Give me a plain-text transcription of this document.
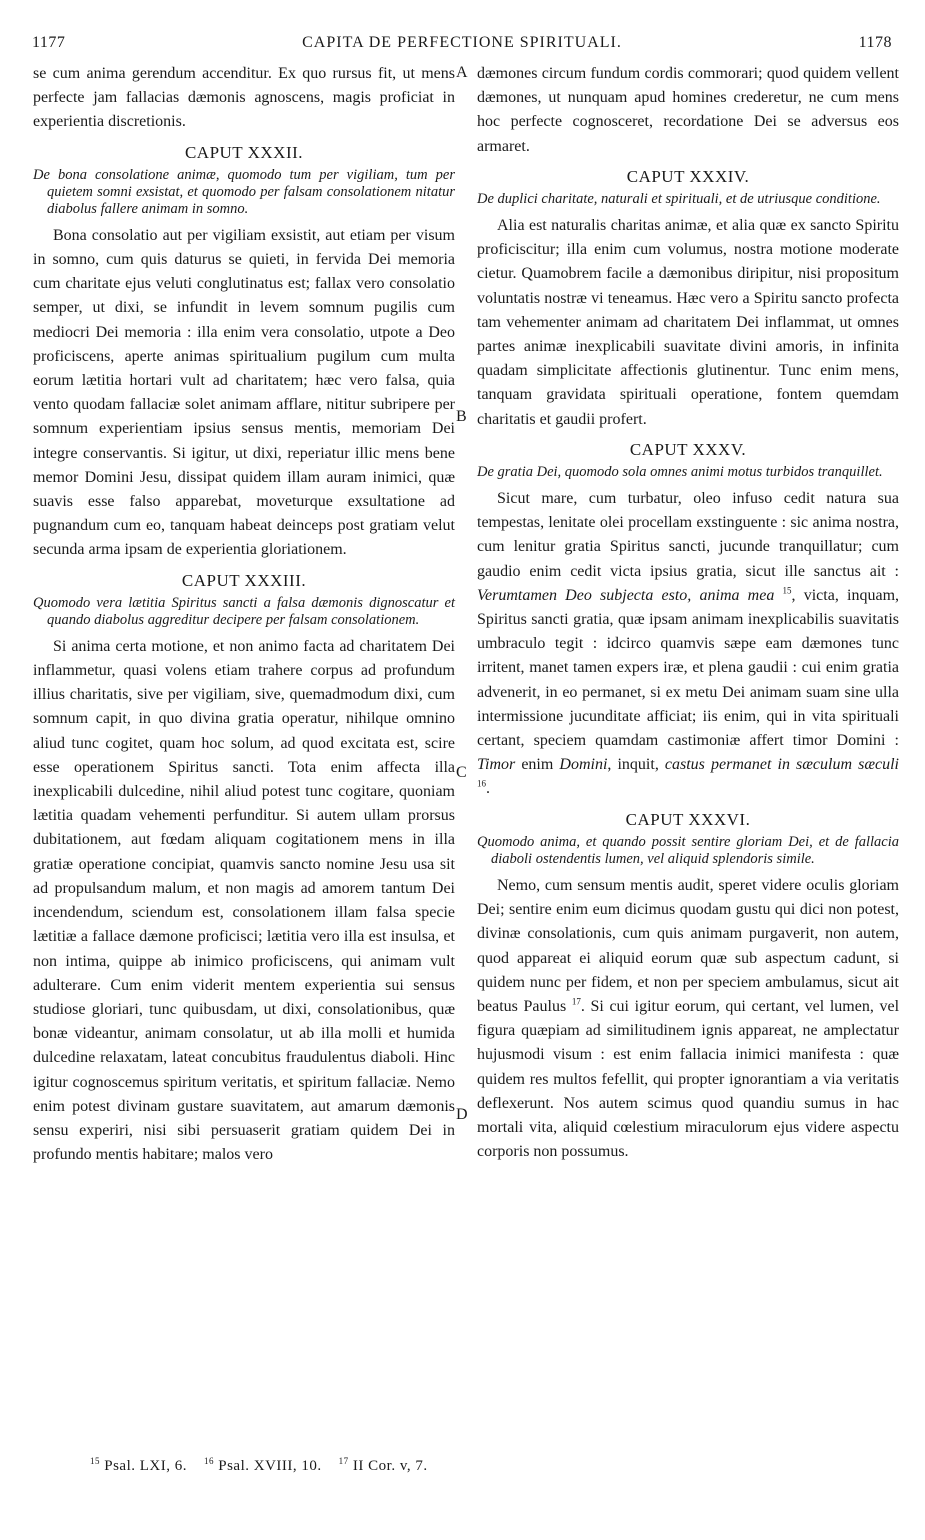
1177	CAPITA DE PERFECTIONE SPIRITUALI.	1178
A
B
C
D

se cum anima gerendum accenditur. Ex quo rursus fit, ut mens perfecte jam fallacias dæmonis agnoscens, magis proficiat in experientia discretionis.

CAPUT XXXII.
De bona consolatione animæ, quomodo tum per vigiliam, tum per quietem somni exsistat, et quomodo per falsam consolationem nitatur diabolus fallere animam in somno.

Bona consolatio aut per vigiliam exsistit, aut etiam per visum in somno, cum quis daturus se quieti, in fervida Dei memoria cum charitate ejus veluti conglutinatus est; fallax vero consolatio semper, ut dixi, se infundit in levem somnum pugilis cum mediocri Dei memoria : illa enim vera consolatio, utpote a Deo proficiscens, aperte animas spiritualium pugilum cum multa eorum lætitia hortari vult ad charitatem; hæc vero falsa, quia vento quodam fallaciæ solet animam afflare, nititur subripere per somnum experientiam ipsius sensus mentis, memoriam Dei integre conservantis. Si igitur, ut dixi, reperiatur illic mens bene memor Domini Jesu, dissipat quidem illam auram inimici, quæ suavis esse falso apparebat, moveturque exsultatione ad pugnandum cum eo, tanquam habeat deinceps post gratiam velut secunda arma ipsam de experientia gloriationem.

CAPUT XXXIII.
Quomodo vera lætitia Spiritus sancti a falsa dæmonis dignoscatur et quando diabolus aggreditur decipere per falsam consolationem.

Si anima certa motione, et non animo facta ad charitatem Dei inflammetur, quasi volens etiam trahere corpus ad profundum illius charitatis, sive per vigiliam, sive, quemadmodum dixi, cum somnum capit, in quo divina gratia operatur, nihilque omnino aliud tunc cogitet, quam hoc solum, ad quod excitata est, scire esse operationem Spiritus sancti. Tota enim affecta illa inexplicabili dulcedine, nihil aliud potest tunc cogitare, quoniam lætitia quadam vehementi perfunditur. Si autem ullam prorsus dubitationem, aut fœdam aliquam cogitationem mens in illa gratiæ operatione concipiat, quamvis sancto nomine Jesu usa sit ad propulsandum malum, et non magis ad amorem tantum Dei incendendum, sciendum est, consolationem illam falsa specie lætitiæ a fallace dæmone proficisci; lætitia vero illa est insulsa, et non intima, quippe ab inimico proficiscens, qui animam vult adulterare. Cum enim viderit mentem experientia sui sensus studiose gloriari, tunc quibusdam, ut dixi, consolationibus, quæ bonæ videantur, animam consolatur, ut ab illa molli et humida dulcedine relaxatam, lateat concubitus fraudulentus diaboli. Hinc igitur cognoscemus spiritum veritatis, et spiritum fallaciæ. Nemo enim potest divinam gustare suavitatem, aut amarum dæmonis sensu experiri, nisi sibi persuaserit gratiam quidem Dei in profundo mentis habitare; malos vero

dæmones circum fundum cordis commorari; quod quidem vellent dæmones, ut nunquam apud homines crederetur, ne cum mens hoc perfecte cognosceret, recordatione Dei se adversus eos armaret.

CAPUT XXXIV.
De duplici charitate, naturali et spirituali, et de utriusque conditione.

Alia est naturalis charitas animæ, et alia quæ ex sancto Spiritu proficiscitur; illa enim cum volumus, nostra motione moderate cietur. Quamobrem facile a dæmonibus diripitur, nisi propositum voluntatis nostræ vi teneamus. Hæc vero a Spiritu sancto profecta tam vehementer animam ad charitatem Dei inflammat, ut omnes partes animæ inexplicabili suavitate divini amoris, in infinita quadam simplicitate affectionis glutinentur. Tunc enim mens, tanquam gravidata spirituali operatione, fontem quemdam charitatis et gaudii profert.

CAPUT XXXV.
De gratia Dei, quomodo sola omnes animi motus turbidos tranquillet.

Sicut mare, cum turbatur, oleo infuso cedit natura sua tempestas, lenitate olei procellam exstinguente : sic anima nostra, cum lenitur gratia Spiritus sancti, jucunde tranquillatur; cum gaudio enim cedit victa ipsius gratia, sicut ille sanctus ait : Verumtamen Deo subjecta esto, anima mea $^{15}$, victa, inquam, Spiritus sancti gratia, quæ ipsam animam inexplicabilis suavitatis umbraculo tegit : idcirco quamvis sæpe eam dæmones tunc irritent, manet tamen expers iræ, et plena gaudii : cui enim gratia advenerit, in eo permanet, si ex metu Dei animam suam sine ulla intermissione jucunditate afficiat; iis enim, qui in vita spirituali certant, speciem quamdam castimoniæ affert timor Domini : Timor enim Domini, inquit, castus permanet in sæculum sæculi $^{16}$.

CAPUT XXXVI.
Quomodo anima, et quando possit sentire gloriam Dei, et de fallacia diaboli ostendentis lumen, vel aliquid splendoris simile.

Nemo, cum sensum mentis audit, speret videre oculis gloriam Dei; sentire enim eum dicimus quodam gustu qui dici non potest, divinæ consolationis, cum quis animam purgaverit, non autem, quod appareat ei aliquid eorum quæ sub aspectum cadunt, si quidem nunc per fidem, et non per speciem ambulamus, sicut ait beatus Paulus $^{17}$. Si cui igitur eorum, qui certant, vel lumen, vel figura quæpiam ad similitudinem ignis appareat, ne amplectatur hujusmodi visum : est enim fallacia inimici manifesta : quæ quidem res multos fefellit, qui propter ignorantiam a via veritatis deflexerunt. Nos autem scimus quod quandiu sumus in hac mortali vita, aliquid cœlestium miraculorum ejus videre aspectu corporis non possumus.

$^{15}$ Psal. LXI, 6. $^{16}$ Psal. XVIII, 10. $^{17}$ II Cor. v, 7.
